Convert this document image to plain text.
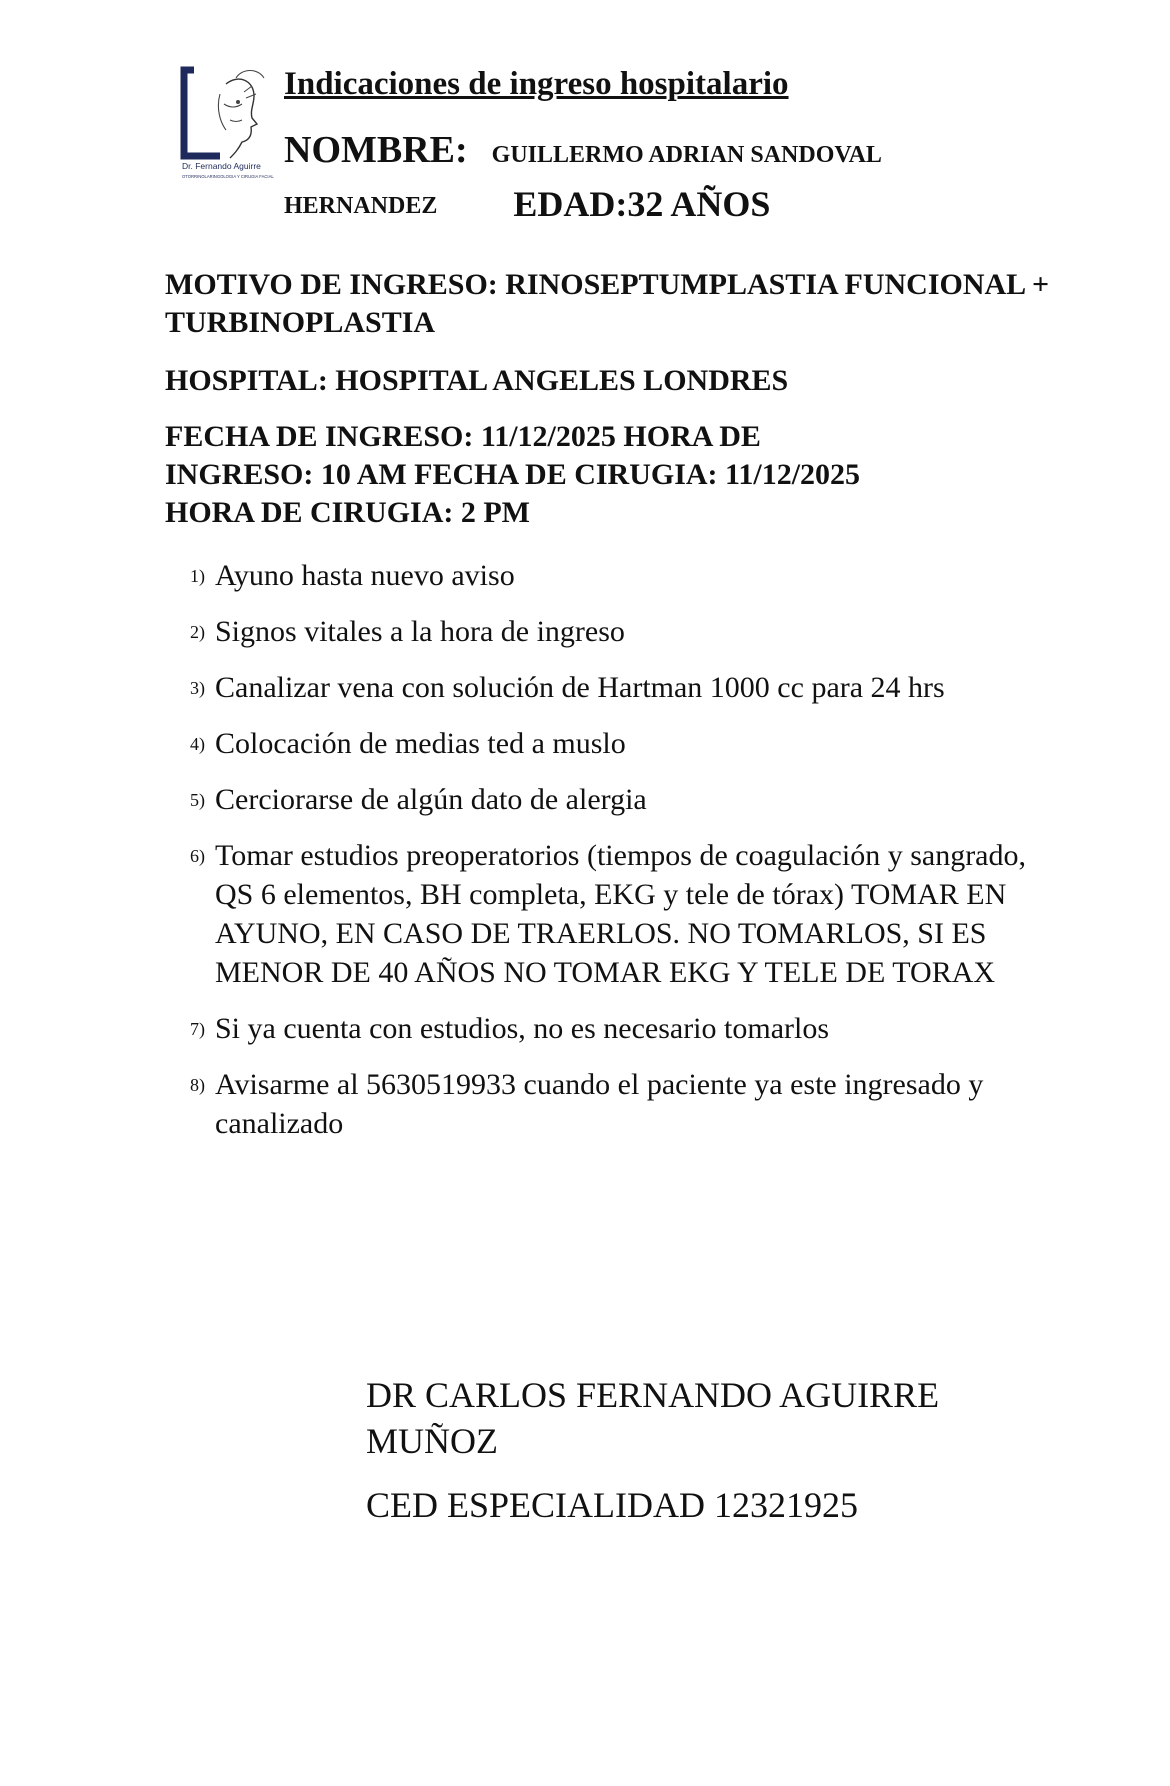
Dr. Fernando Aguirre
OTORRINOLARINGOLOGIA Y CIRUGIA FACIAL
Indicaciones de ingreso hospitalario
NOMBRE: GUILLERMO ADRIAN SANDOVAL
HERNANDEZ EDAD:32 AÑOS
MOTIVO DE INGRESO: RINOSEPTUMPLASTIA FUNCIONAL + TURBINOPLASTIA
HOSPITAL: HOSPITAL ANGELES LONDRES
FECHA DE INGRESO: 11/12/2025 HORA DE
INGRESO: 10 AM FECHA DE CIRUGIA: 11/12/2025
HORA DE CIRUGIA: 2 PM
1) Ayuno hasta nuevo aviso
2) Signos vitales a la hora de ingreso
3) Canalizar vena con solución de Hartman 1000 cc para 24 hrs
4) Colocación de medias ted a muslo
5) Cerciorarse de algún dato de alergia
6) Tomar estudios preoperatorios (tiempos de coagulación y sangrado, QS 6 elementos, BH completa, EKG y tele de tórax) TOMAR EN AYUNO, EN CASO DE TRAERLOS. NO TOMARLOS, SI ES MENOR DE 40 AÑOS NO TOMAR EKG Y TELE DE TORAX
7) Si ya cuenta con estudios, no es necesario tomarlos
8) Avisarme al 5630519933 cuando el paciente ya este ingresado y canalizado
DR CARLOS FERNANDO AGUIRRE MUÑOZ
CED ESPECIALIDAD 12321925
